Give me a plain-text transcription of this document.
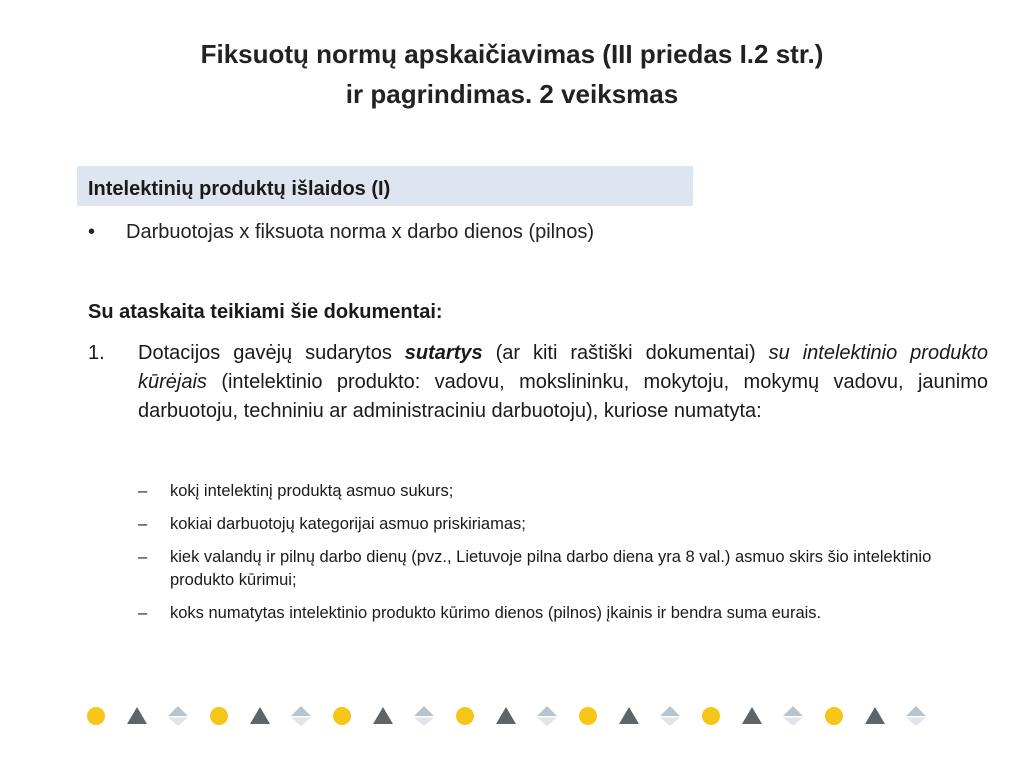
Fiksuotų normų apskaičiavimas (III priedas I.2 str.)
ir pagrindimas. 2 veiksmas
Intelektinių produktų išlaidos (I)
• Darbuotojas x fiksuota norma x darbo dienos (pilnos)
Su ataskaita teikiami šie dokumentai:
1. Dotacijos gavėjų sudarytos sutartys (ar kiti raštiški dokumentai) su intelektinio produkto kūrėjais (intelektinio produkto: vadovu, mokslininku, mokytoju, mokymų vadovu, jaunimo darbuotoju, techniniu ar administraciniu darbuotoju), kuriose numatyta:
– kokį intelektinį produktą asmuo sukurs;
– kokiai darbuotojų kategorijai asmuo priskiriamas;
– kiek valandų ir pilnų darbo dienų (pvz., Lietuvoje pilna darbo diena yra 8 val.) asmuo skirs šio intelektinio produkto kūrimui;
– koks numatytas intelektinio produkto kūrimo dienos (pilnos) įkainis ir bendra suma eurais.
